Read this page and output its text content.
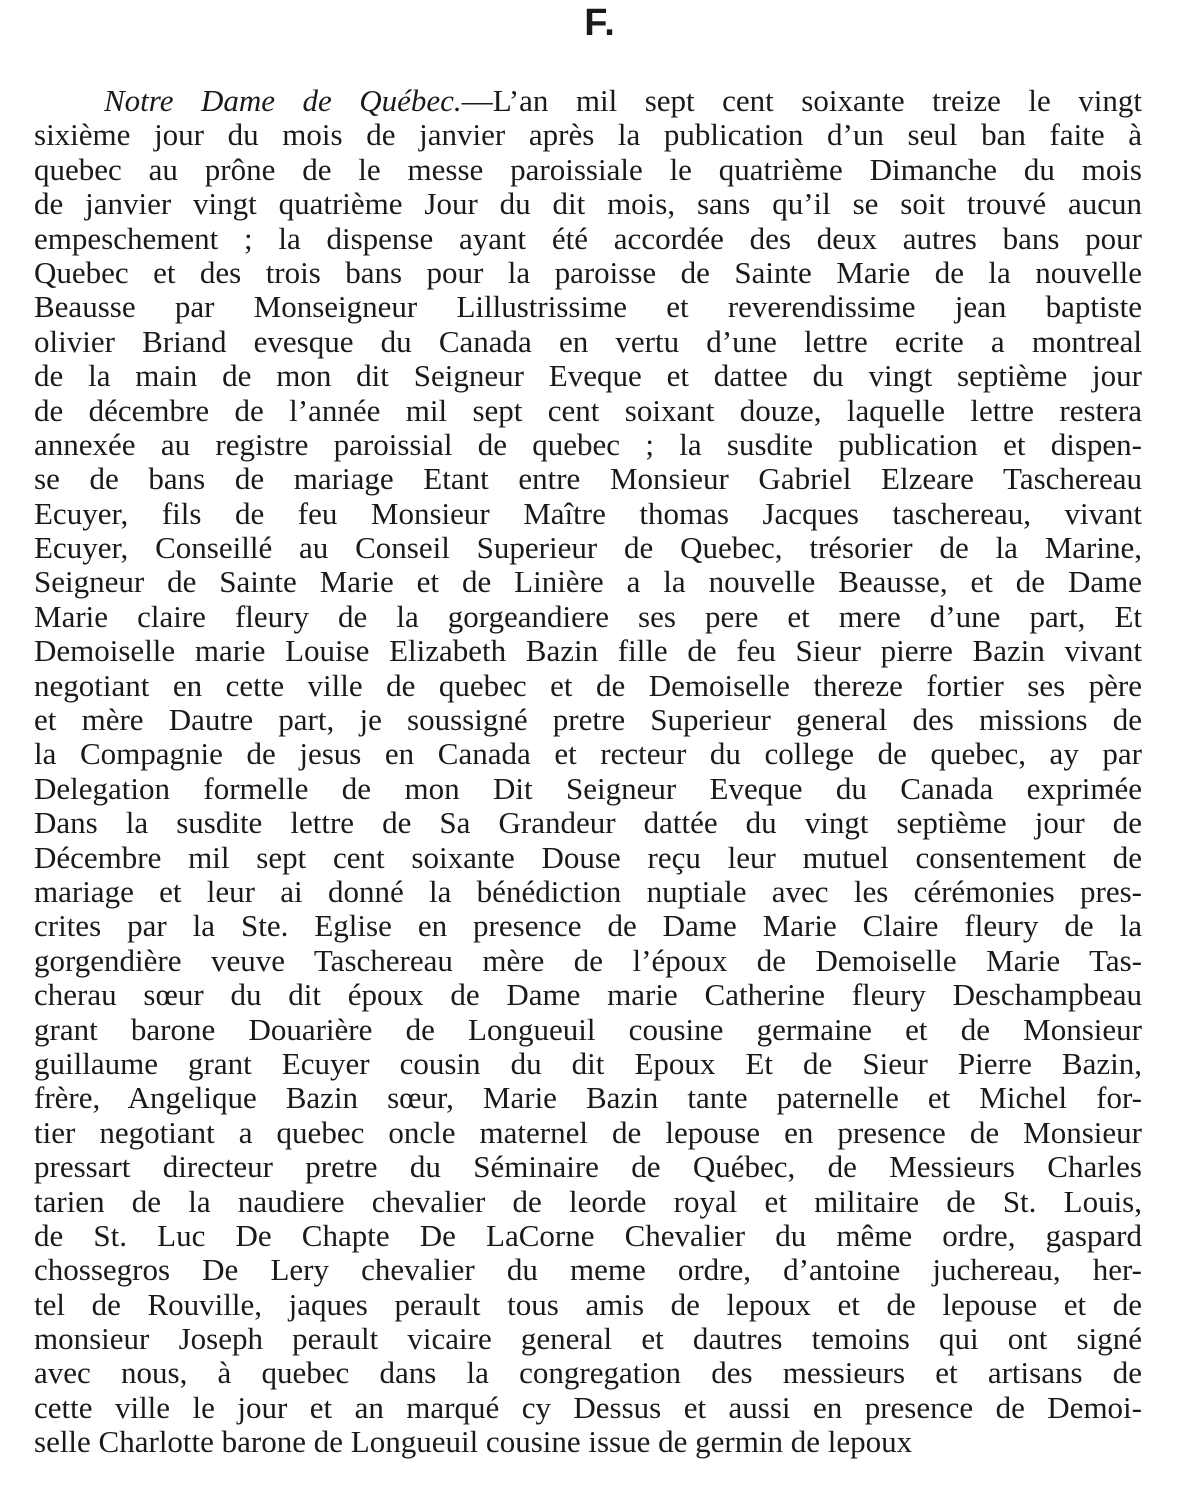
F.
Notre Dame de Québec.—L’an mil sept cent soixante treize le vingt
sixième jour du mois de janvier après la publication d’un seul ban faite à
quebec au prône de le messe paroissiale le quatrième Dimanche du mois
de janvier vingt quatrième Jour du dit mois, sans qu’il se soit trouvé aucun
empeschement ; la dispense ayant été accordée des deux autres bans pour
Quebec et des trois bans pour la paroisse de Sainte Marie de la nouvelle
Beausse par Monseigneur Lillustrissime et reverendissime jean baptiste
olivier Briand evesque du Canada en vertu d’une lettre ecrite a montreal
de la main de mon dit Seigneur Eveque et dattee du vingt septième jour
de décembre de l’année mil sept cent soixant douze, laquelle lettre restera
annexée au registre paroissial de quebec ; la susdite publication et dispen-
se de bans de mariage Etant entre Monsieur Gabriel Elzeare Taschereau
Ecuyer, fils de feu Monsieur Maître thomas Jacques taschereau, vivant
Ecuyer, Conseillé au Conseil Superieur de Quebec, trésorier de la Marine,
Seigneur de Sainte Marie et de Linière a la nouvelle Beausse, et de Dame
Marie claire fleury de la gorgeandiere ses pere et mere d’une part, Et
Demoiselle marie Louise Elizabeth Bazin fille de feu Sieur pierre Bazin vivant
negotiant en cette ville de quebec et de Demoiselle thereze fortier ses père
et mère Dautre part, je soussigné pretre Superieur general des missions de
la Compagnie de jesus en Canada et recteur du college de quebec, ay par
Delegation formelle de mon Dit Seigneur Eveque du Canada exprimée
Dans la susdite lettre de Sa Grandeur dattée du vingt septième jour de
Décembre mil sept cent soixante Douse reçu leur mutuel consentement de
mariage et leur ai donné la bénédiction nuptiale avec les cérémonies pres-
crites par la Ste. Eglise en presence de Dame Marie Claire fleury de la
gorgendière veuve Taschereau mère de l’époux de Demoiselle Marie Tas-
cherau sœur du dit époux de Dame marie Catherine fleury Deschampbeau
grant barone Douarière de Longueuil cousine germaine et de Monsieur
guillaume grant Ecuyer cousin du dit Epoux Et de Sieur Pierre Bazin,
frère, Angelique Bazin sœur, Marie Bazin tante paternelle et Michel for-
tier negotiant a quebec oncle maternel de lepouse en presence de Monsieur
pressart directeur pretre du Séminaire de Québec, de Messieurs Charles
tarien de la naudiere chevalier de leorde royal et militaire de St. Louis,
de St. Luc De Chapte De LaCorne Chevalier du même ordre, gaspard
chossegros De Lery chevalier du meme ordre, d’antoine juchereau, her-
tel de Rouville, jaques perault tous amis de lepoux et de lepouse et de
monsieur Joseph perault vicaire general et dautres temoins qui ont signé
avec nous, à quebec dans la congregation des messieurs et artisans de
cette ville le jour et an marqué cy Dessus et aussi en presence de Demoi-
selle Charlotte barone de Longueuil cousine issue de germin de lepoux
